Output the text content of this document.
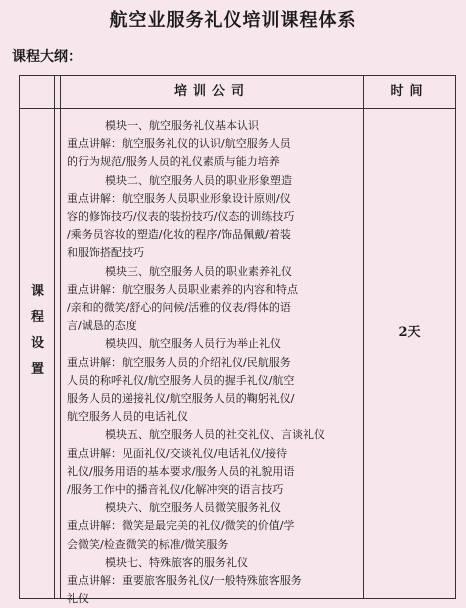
航空业服务礼仪培训课程体系
课程大纲：
培训公司	时间
课
程
设
置
模块一、航空服务礼仪基本认识
重点讲解：航空服务礼仪的认识/航空服务人员
的行为规范/服务人员的礼仪素质与能力培养
模块二、航空服务人员的职业形象塑造
重点讲解：航空服务人员职业形象设计原则/仪
容的修饰技巧/仪表的装扮技巧/仪态的训练技巧
/乘务员容妆的塑造/化妆的程序/饰品佩戴/着装
和服饰搭配技巧
模块三、航空服务人员的职业素养礼仪
重点讲解：航空服务人员职业素养的内容和特点
/亲和的微笑/舒心的问候/活雅的仪表/得体的语
言/诚恳的态度
模块四、航空服务人员行为举止礼仪
重点讲解：航空服务人员的介绍礼仪/民航服务
人员的称呼礼仪/航空服务人员的握手礼仪/航空
服务人员的递接礼仪/航空服务人员的鞠躬礼仪/
航空服务人员的电话礼仪
模块五、航空服务人员的社交礼仪、言谈礼仪
重点讲解：见面礼仪/交谈礼仪/电话礼仪/接待
礼仪/服务用语的基本要求/服务人员的礼貌用语
/服务工作中的播音礼仪/化解冲突的语言技巧
模块六、航空服务人员微笑服务礼仪
重点讲解：微笑是最完美的礼仪/微笑的价值/学
会微笑/检查微笑的标准/微笑服务
模块七、特殊旅客的服务礼仪
重点讲解：重要旅客服务礼仪/一般特殊旅客服务
礼仪
2天
